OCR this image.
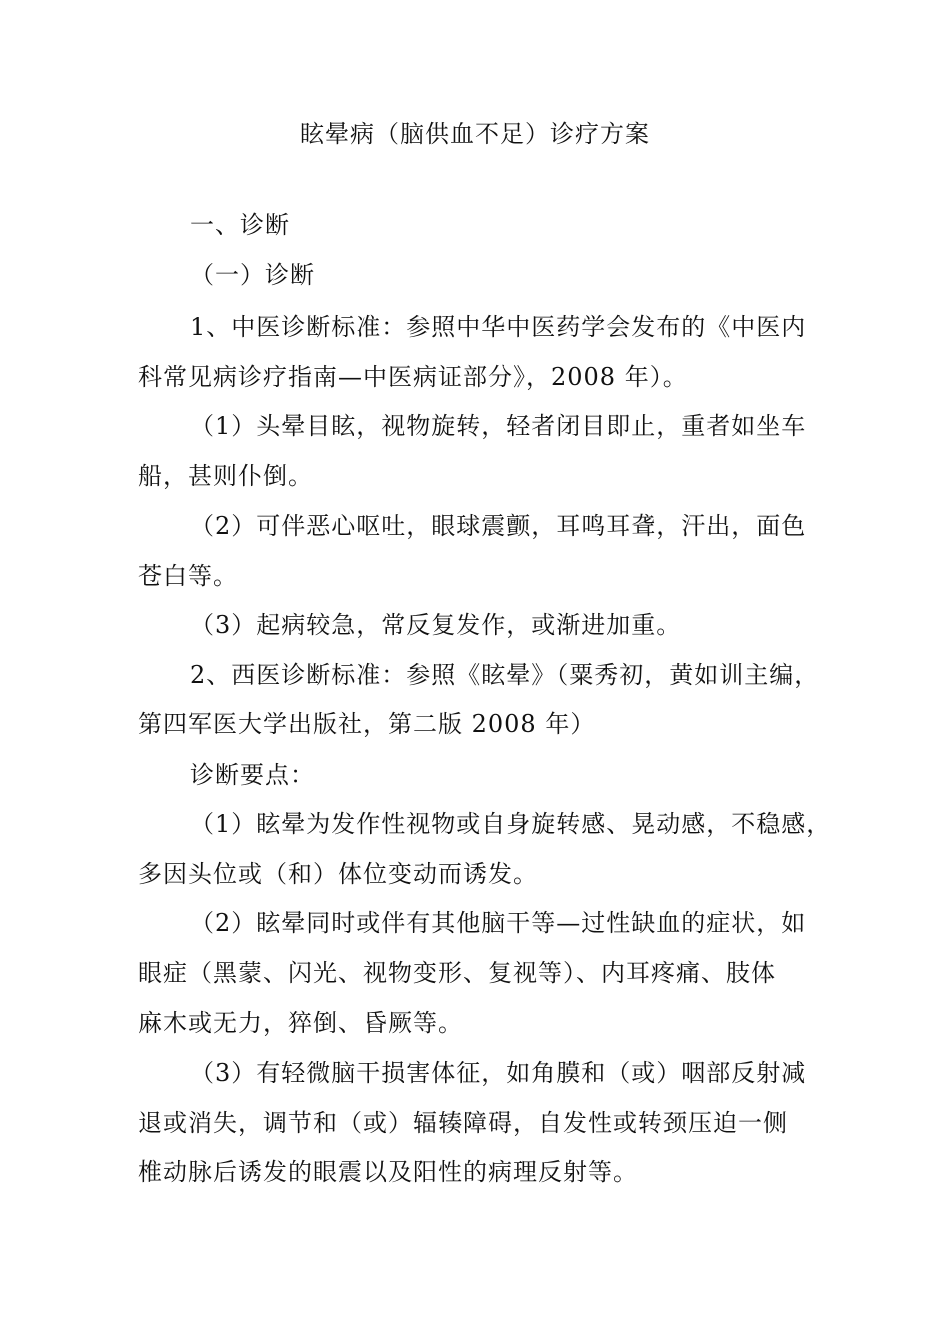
眩晕病（脑供血不足）诊疗方案
一、诊断
（一）诊断
1、中医诊断标准：参照中华中医药学会发布的《中医内
科常见病诊疗指南—中医病证部分》，2008 年）。
（1）头晕目眩，视物旋转，轻者闭目即止，重者如坐车
船，甚则仆倒。
（2）可伴恶心呕吐，眼球震颤，耳鸣耳聋，汗出，面色
苍白等。
（3）起病较急，常反复发作，或渐进加重。
2、西医诊断标准：参照《眩晕》（粟秀初，黄如训主编，
第四军医大学出版社，第二版 2008 年）
诊断要点：
（1）眩晕为发作性视物或自身旋转感、晃动感，不稳感，
多因头位或（和）体位变动而诱发。
（2）眩晕同时或伴有其他脑干等—过性缺血的症状，如
眼症（黑蒙、闪光、视物变形、复视等）、内耳疼痛、肢体
麻木或无力，猝倒、昏厥等。
（3）有轻微脑干损害体征，如角膜和（或）咽部反射减
退或消失，调节和（或）辐辏障碍，自发性或转颈压迫一侧
椎动脉后诱发的眼震以及阳性的病理反射等。
